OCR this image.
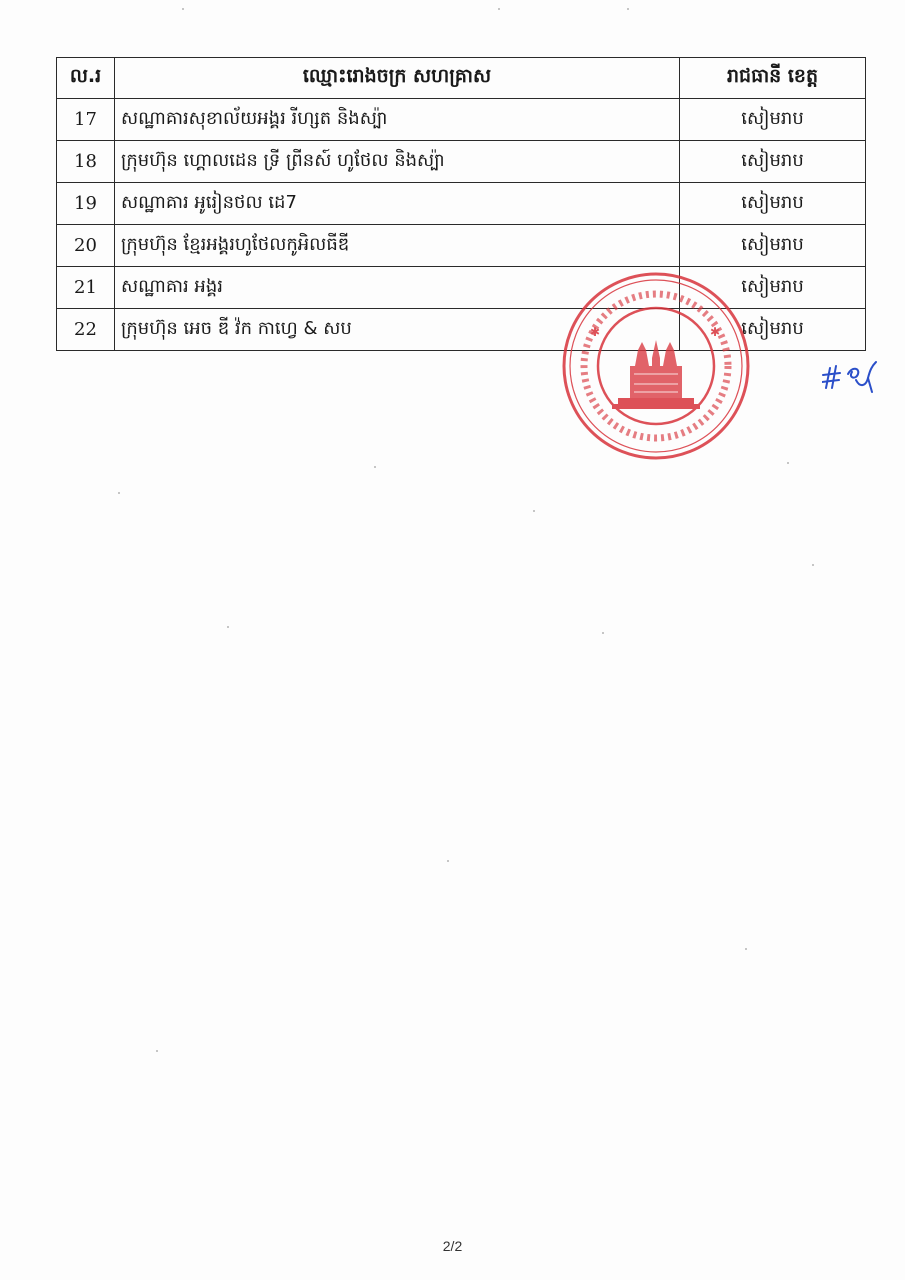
ល.រ	ឈ្មោះរោងចក្រ សហគ្រាស	រាជធានី ខេត្ត
17	សណ្ឋាគារសុខាល័យអង្គរ រីហ្សត និងស្ប៉ា	សៀមរាប
18	ក្រុមហ៊ុន ហ្គោលដេន ទ្រី ព្រីនស៍ ហូថែល និងស្ប៉ា	សៀមរាប
19	សណ្ឋាគារ អូរៀនថល ដេ7	សៀមរាប
20	ក្រុមហ៊ុន ខ្មែរអង្គរហូថែលកូអិលធីឌី	សៀមរាប
21	សណ្ឋាគារ អង្គរ	សៀមរាប
22	ក្រុមហ៊ុន អេច ឌី វ៉ក កាហ្វេ & សប	សៀមរាប
✱	✱
2/2
